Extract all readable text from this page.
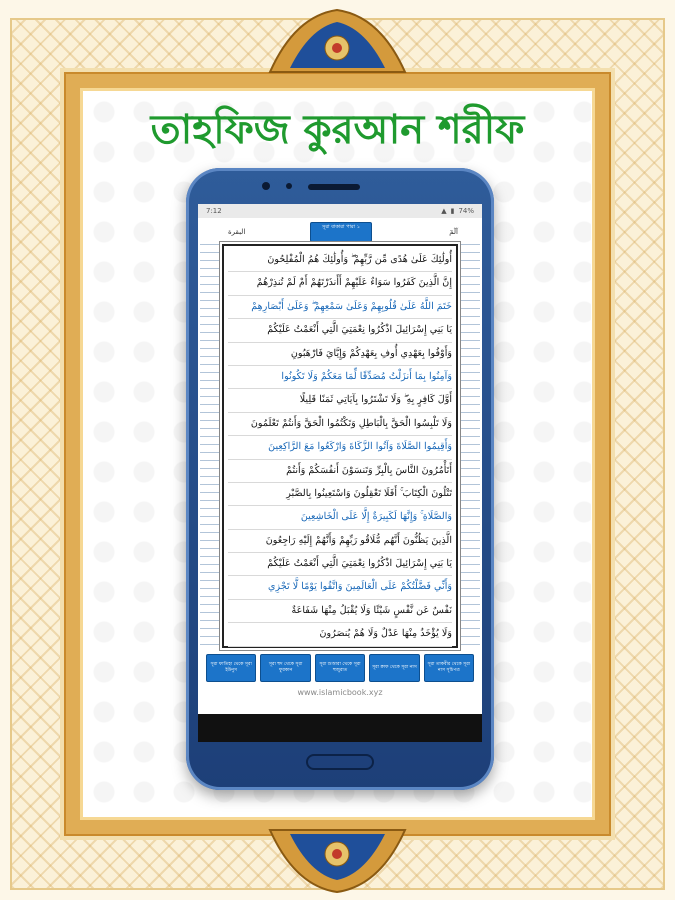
তাহফিজ কুরআন শরীফ
7:12	▲ ▮ 74%
সূরা বাকারা পারা ১
البقرة	آلٓمٓ
أُولَٰئِكَ عَلَىٰ هُدًى مِّن رَّبِّهِمْ ۖ وَأُولَٰئِكَ هُمُ الْمُفْلِحُونَ
إِنَّ الَّذِينَ كَفَرُوا سَوَاءٌ عَلَيْهِمْ أَأَنذَرْتَهُمْ أَمْ لَمْ تُنذِرْهُمْ
خَتَمَ اللَّهُ عَلَىٰ قُلُوبِهِمْ وَعَلَىٰ سَمْعِهِمْ ۖ وَعَلَىٰ أَبْصَارِهِمْ
يَا بَنِي إِسْرَائِيلَ اذْكُرُوا نِعْمَتِيَ الَّتِي أَنْعَمْتُ عَلَيْكُمْ
وَأَوْفُوا بِعَهْدِي أُوفِ بِعَهْدِكُمْ وَإِيَّايَ فَارْهَبُونِ
وَآمِنُوا بِمَا أَنزَلْتُ مُصَدِّقًا لِّمَا مَعَكُمْ وَلَا تَكُونُوا
أَوَّلَ كَافِرٍ بِهِ ۖ وَلَا تَشْتَرُوا بِآيَاتِي ثَمَنًا قَلِيلًا
وَلَا تَلْبِسُوا الْحَقَّ بِالْبَاطِلِ وَتَكْتُمُوا الْحَقَّ وَأَنتُمْ تَعْلَمُونَ
وَأَقِيمُوا الصَّلَاةَ وَآتُوا الزَّكَاةَ وَارْكَعُوا مَعَ الرَّاكِعِينَ
أَتَأْمُرُونَ النَّاسَ بِالْبِرِّ وَتَنسَوْنَ أَنفُسَكُمْ وَأَنتُمْ
تَتْلُونَ الْكِتَابَ ۚ أَفَلَا تَعْقِلُونَ وَاسْتَعِينُوا بِالصَّبْرِ
وَالصَّلَاةِ ۚ وَإِنَّهَا لَكَبِيرَةٌ إِلَّا عَلَى الْخَاشِعِينَ
الَّذِينَ يَظُنُّونَ أَنَّهُم مُّلَاقُو رَبِّهِمْ وَأَنَّهُمْ إِلَيْهِ رَاجِعُونَ
يَا بَنِي إِسْرَائِيلَ اذْكُرُوا نِعْمَتِيَ الَّتِي أَنْعَمْتُ عَلَيْكُمْ
وَأَنِّي فَضَّلْتُكُمْ عَلَى الْعَالَمِينَ وَاتَّقُوا يَوْمًا لَّا تَجْزِي
نَفْسٌ عَن نَّفْسٍ شَيْئًا وَلَا يُقْبَلُ مِنْهَا شَفَاعَةٌ
وَلَا يُؤْخَذُ مِنْهَا عَدْلٌ وَلَا هُمْ يُنصَرُونَ
সূরা ফাতিহা থেকে সূরা ইউনুস
সূরা হুদ থেকে সূরা ফুরকান
সূরা শুআরা থেকে সূরা হুজুরাত
সূরা ক্বাফ থেকে সূরা নাস
সূরা তাকবীর থেকে সূরা নাস সূচিপত্র
www.islamicbook.xyz
